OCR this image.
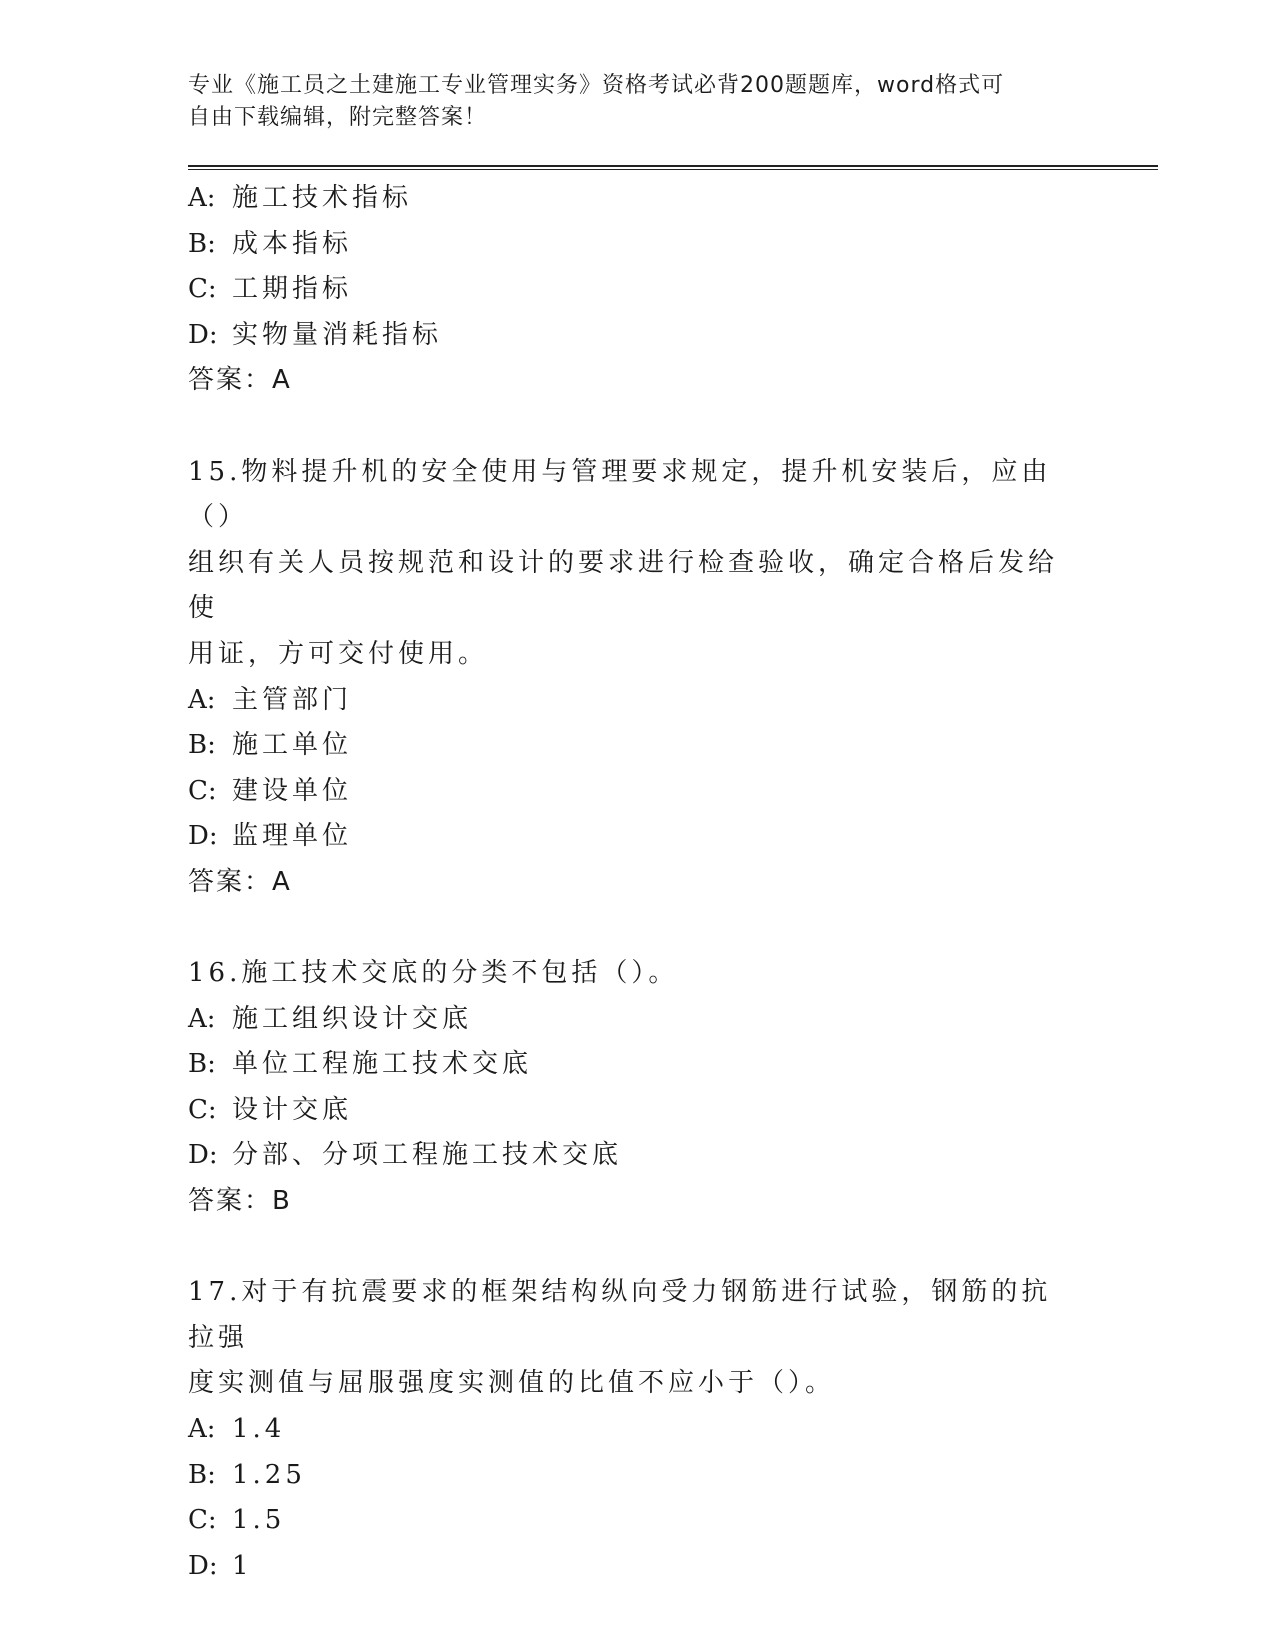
专业《施工员之土建施工专业管理实务》资格考试必背200题题库，word格式可
自由下载编辑，附完整答案！
A: 施工技术指标
B: 成本指标
C: 工期指标
D: 实物量消耗指标
答案：A
15.物料提升机的安全使用与管理要求规定，提升机安装后，应由（）
组织有关人员按规范和设计的要求进行检查验收，确定合格后发给使
用证，方可交付使用。
A: 主管部门
B: 施工单位
C: 建设单位
D: 监理单位
答案：A
16.施工技术交底的分类不包括（）。
A: 施工组织设计交底
B: 单位工程施工技术交底
C: 设计交底
D: 分部、分项工程施工技术交底
答案：B
17.对于有抗震要求的框架结构纵向受力钢筋进行试验，钢筋的抗拉强
度实测值与屈服强度实测值的比值不应小于（）。
A: 1.4
B: 1.25
C: 1.5
D: 1
